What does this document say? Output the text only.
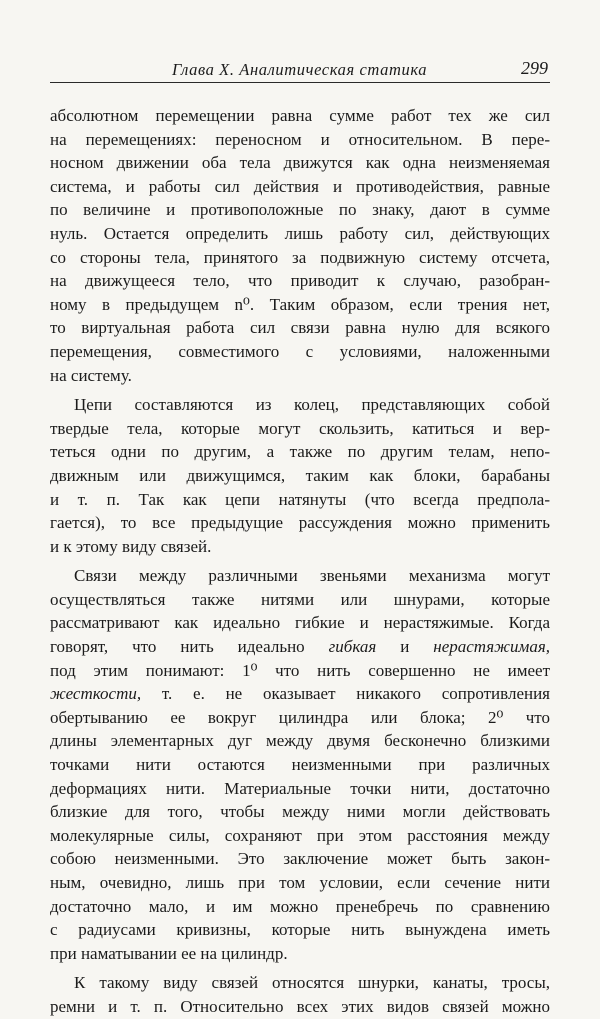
Глава X. Аналитическая статика	299
абсолютном перемещении равна сумме работ тех же сил
на перемещениях: переносном и относительном. В пере-
носном движении оба тела движутся как одна неизменяемая
система, и работы сил действия и противодействия, равные
по величине и противоположные по знаку, дают в сумме
нуль. Остается определить лишь работу сил, действующих
со стороны тела, принятого за подвижную систему отсчета,
на движущееся тело, что приводит к случаю, разобран-
ному в предыдущем n⁰. Таким образом, если трения нет,
то виртуальная работа сил связи равна нулю для всякого
перемещения, совместимого с условиями, наложенными
на систему.
Цепи составляются из колец, представляющих собой
твердые тела, которые могут скользить, катиться и вер-
теться одни по другим, а также по другим телам, непо-
движным или движущимся, таким как блоки, барабаны
и т. п. Так как цепи натянуты (что всегда предпола-
гается), то все предыдущие рассуждения можно применить
и к этому виду связей.
Связи между различными звеньями механизма могут
осуществляться также нитями или шнурами, которые
рассматривают как идеально гибкие и нерастяжимые. Когда
говорят, что нить идеально гибкая и нерастяжимая,
под этим понимают: 1⁰ что нить совершенно не имеет
жесткости, т. е. не оказывает никакого сопротивления
обертыванию ее вокруг цилиндра или блока; 2⁰ что
длины элементарных дуг между двумя бесконечно близкими
точками нити остаются неизменными при различных
деформациях нити. Материальные точки нити, достаточно
близкие для того, чтобы между ними могли действовать
молекулярные силы, сохраняют при этом расстояния между
собою неизменными. Это заключение может быть закон-
ным, очевидно, лишь при том условии, если сечение нити
достаточно мало, и им можно пренебречь по сравнению
с радиусами кривизны, которые нить вынуждена иметь
при наматывании ее на цилиндр.
К такому виду связей относятся шнурки, канаты, тросы,
ремни и т. п. Относительно всех этих видов связей можно
